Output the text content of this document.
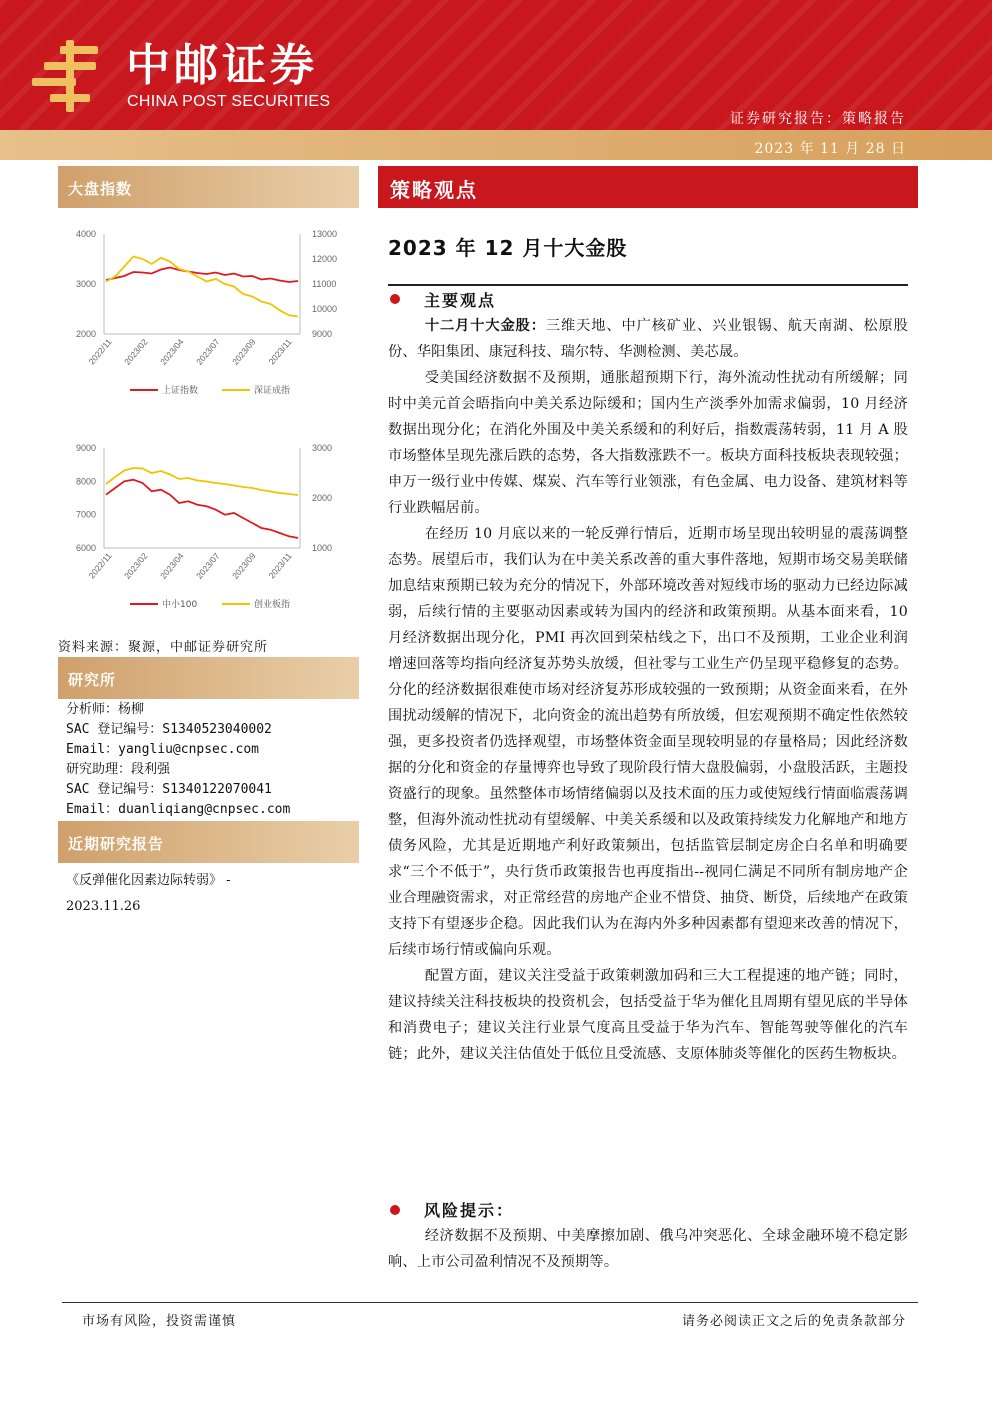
中邮证券
CHINA POST SECURITIES
证券研究报告：策略报告
2023 年 11 月 28 日
大盘指数
4000
3000
2000
13000
12000
11000
10000
9000
2022/11 2023/02 2023/04 2023/07 2023/09 2023/11
上证指数	深证成指
9000
8000
7000
6000
3000
2000
1000
2022/11 2023/02 2023/04 2023/07 2023/09 2023/11
中小100	创业板指
资料来源：聚源，中邮证券研究所
研究所
分析师：杨柳
SAC 登记编号：S1340523040002
Email：yangliu@cnpsec.com
研究助理：段利强
SAC 登记编号：S1340122070041
Email：duanliqiang@cnpsec.com
近期研究报告
《反弹催化因素边际转弱》 -
2023.11.26
策略观点
2023 年 12 月十大金股
主要观点

十二月十大金股：三维天地、中广核矿业、兴业银锡、航天南湖、松原股份、华阳集团、康冠科技、瑞尔特、华测检测、美芯晟。

受美国经济数据不及预期，通胀超预期下行，海外流动性扰动有所缓解；同时中美元首会晤指向中美关系边际缓和；国内生产淡季外加需求偏弱，10 月经济数据出现分化；在消化外围及中美关系缓和的利好后，指数震荡转弱，11 月 A 股市场整体呈现先涨后跌的态势，各大指数涨跌不一。板块方面科技板块表现较强；申万一级行业中传媒、煤炭、汽车等行业领涨，有色金属、电力设备、建筑材料等行业跌幅居前。

在经历 10 月底以来的一轮反弹行情后，近期市场呈现出较明显的震荡调整态势。展望后市，我们认为在中美关系改善的重大事件落地，短期市场交易美联储加息结束预期已较为充分的情况下，外部环境改善对短线市场的驱动力已经边际减弱，后续行情的主要驱动因素或转为国内的经济和政策预期。从基本面来看，10 月经济数据出现分化，PMI 再次回到荣枯线之下，出口不及预期，工业企业利润增速回落等均指向经济复苏势头放缓，但社零与工业生产仍呈现平稳修复的态势。分化的经济数据很难使市场对经济复苏形成较强的一致预期；从资金面来看，在外围扰动缓解的情况下，北向资金的流出趋势有所放缓，但宏观预期不确定性依然较强，更多投资者仍选择观望，市场整体资金面呈现较明显的存量格局；因此经济数据的分化和资金的存量博弈也导致了现阶段行情大盘股偏弱，小盘股活跃，主题投资盛行的现象。虽然整体市场情绪偏弱以及技术面的压力或使短线行情面临震荡调整，但海外流动性扰动有望缓解、中美关系缓和以及政策持续发力化解地产和地方债务风险，尤其是近期地产利好政策频出，包括监管层制定房企白名单和明确要求“三个不低于”，央行货币政策报告也再度指出--视同仁满足不同所有制房地产企业合理融资需求，对正常经营的房地产企业不惜贷、抽贷、断贷，后续地产在政策支持下有望逐步企稳。因此我们认为在海内外多种因素都有望迎来改善的情况下，后续市场行情或偏向乐观。

配置方面，建议关注受益于政策刺激加码和三大工程提速的地产链；同时，建议持续关注科技板块的投资机会，包括受益于华为催化且周期有望见底的半导体和消费电子；建议关注行业景气度高且受益于华为汽车、智能驾驶等催化的汽车链；此外，建议关注估值处于低位且受流感、支原体肺炎等催化的医药生物板块。

风险提示：

经济数据不及预期、中美摩擦加剧、俄乌冲突恶化、全球金融环境不稳定影响、上市公司盈利情况不及预期等。

市场有风险，投资需谨慎	请务必阅读正文之后的免责条款部分
